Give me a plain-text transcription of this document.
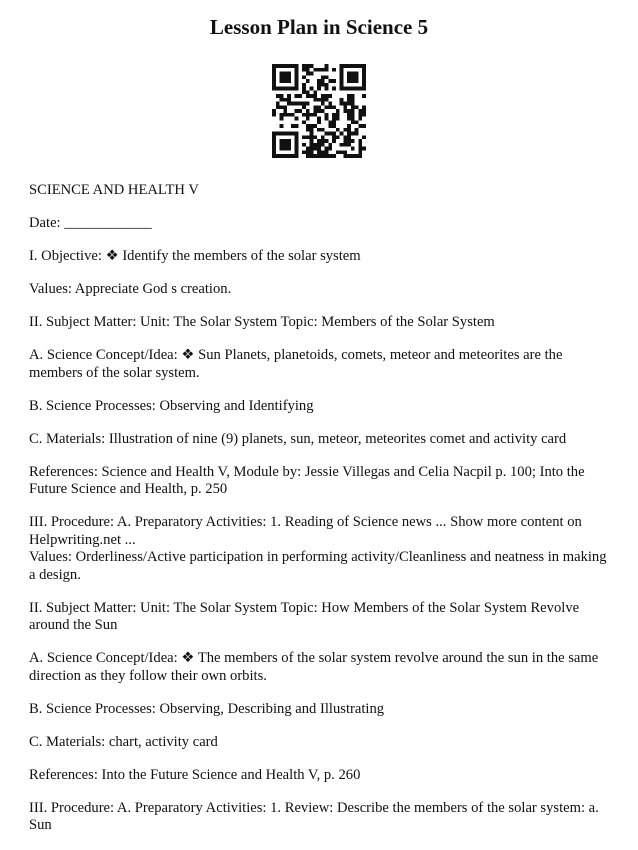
Lesson Plan in Science 5

SCIENCE AND HEALTH V

Date: ____________

I. Objective: ❖ Identify the members of the solar system

Values: Appreciate God s creation.

II. Subject Matter: Unit: The Solar System Topic: Members of the Solar System

A. Science Concept/Idea: ❖ Sun Planets, planetoids, comets, meteor and meteorites are the members of the solar system.

B. Science Processes: Observing and Identifying

C. Materials: Illustration of nine (9) planets, sun, meteor, meteorites comet and activity card

References: Science and Health V, Module by: Jessie Villegas and Celia Nacpil p. 100; Into the Future Science and Health, p. 250

III. Procedure: A. Preparatory Activities: 1. Reading of Science news ... Show more content on Helpwriting.net ...

Values: Orderliness/Active participation in performing activity/Cleanliness and neatness in making a design.

II. Subject Matter: Unit: The Solar System Topic: How Members of the Solar System Revolve around the Sun

A. Science Concept/Idea: ❖ The members of the solar system revolve around the sun in the same direction as they follow their own orbits.

B. Science Processes: Observing, Describing and Illustrating

C. Materials: chart, activity card

References: Into the Future Science and Health V, p. 260

III. Procedure: A. Preparatory Activities: 1. Review: Describe the members of the solar system: a. Sun
